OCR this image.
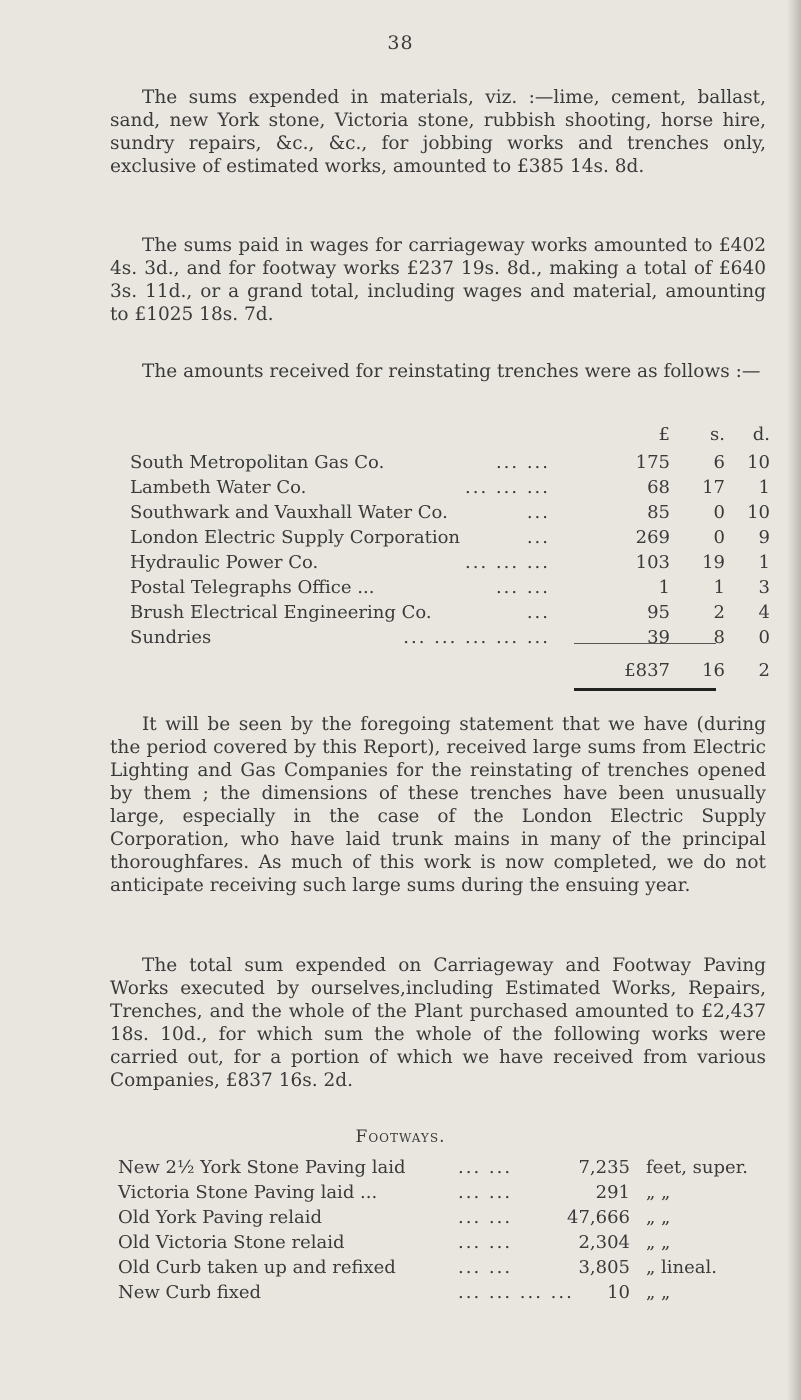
38

The sums expended in materials, viz. :—lime, cement, ballast, sand, new York stone, Victoria stone, rubbish shooting, horse hire, sundry repairs, &c., &c., for jobbing works and trenches only, exclusive of estimated works, amounted to £385 14s. 8d.

The sums paid in wages for carriageway works amounted to £402 4s. 3d., and for footway works £237 19s. 8d., making a total of £640 3s. 11d., or a grand total, including wages and material, amounting to £1025 18s. 7d.

The amounts received for reinstating trenches were as follows :—

£	s.	d.
South Metropolitan Gas Co.	... ...	175	6	10
Lambeth Water Co.	... ... ...	68	17	1
Southwark and Vauxhall Water Co.	...	85	0	10
London Electric Supply Corporation	...	269	0	9
Hydraulic Power Co.	... ... ...	103	19	1
Postal Telegraphs Office ...	... ...	1	1	3
Brush Electrical Engineering Co.	...	95	2	4
Sundries	... ... ... ... ...	39	8	0
£837	16	2

It will be seen by the foregoing statement that we have (during the period covered by this Report), received large sums from Electric Lighting and Gas Companies for the reinstating of trenches opened by them ; the dimensions of these trenches have been unusually large, especially in the case of the London Electric Supply Corporation, who have laid trunk mains in many of the principal thoroughfares. As much of this work is now completed, we do not anticipate receiving such large sums during the ensuing year.

The total sum expended on Carriageway and Footway Paving Works executed by ourselves,including Estimated Works, Repairs, Trenches, and the whole of the Plant purchased amounted to £2,437 18s. 10d., for which sum the whole of the following works were carried out, for a portion of which we have received from various Companies, £837 16s. 2d.

Footways.
New 2½ York Stone Paving laid	... ...	7,235 feet, super.
Victoria Stone Paving laid ...	... ...	291 „ „
Old York Paving relaid	... ...	47,666 „ „
Old Victoria Stone relaid	... ...	2,304 „ „
Old Curb taken up and refixed	... ...	3,805 „ lineal.
New Curb fixed	... ... ... ...	10 „ „
